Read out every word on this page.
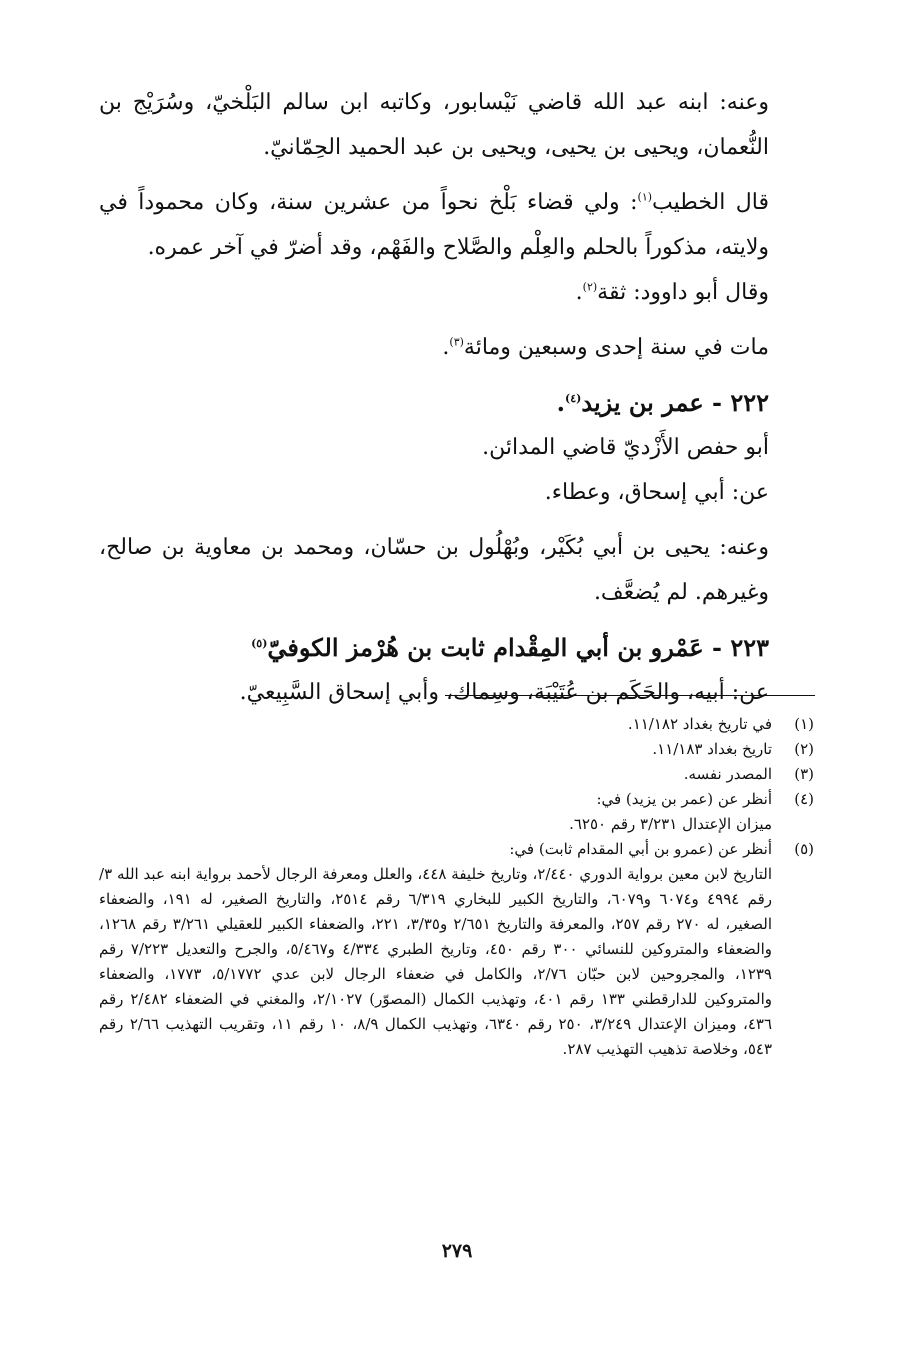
وعنه: ابنه عبد الله قاضي نَيْسابور، وكاتبه ابن سالم البَلْخيّ، وسُرَيْج بن النُّعمان، ويحيى بن يحيى، ويحيى بن عبد الحميد الحِمّانيّ.

قال الخطيب$^{(١)}$: ولي قضاء بَلْخ نحواً من عشرين سنة، وكان محموداً في ولايته، مذكوراً بالحلم والعِلْم والصَّلاح والفَهْم، وقد أضرّ في آخر عمره.

وقال أبو داوود: ثقة$^{(٢)}$.

مات في سنة إحدى وسبعين ومائة$^{(٣)}$.

٢٢٢ - عمر بن يزيد$^{(٤)}$.

أبو حفص الأَزْديّ قاضي المدائن.

عن: أبي إسحاق، وعطاء.

وعنه: يحيى بن أبي بُكَيْر، وبُهْلُول بن حسّان، ومحمد بن معاوية بن صالح، وغيرهم. لم يُضعَّف.

٢٢٣ - عَمْرو بن أبي المِقْدام ثابت بن هُرْمز الكوفيّ$^{(٥)}$

عن: أبيه، والحَكَم بن عُتَيْبَة، وسِماك، وأبي إسحاق السَّبِيعيّ.

(١)

في تاريخ بغداد ١١/١٨٢.

(٢)

تاريخ بغداد ١١/١٨٣.

(٣)

المصدر نفسه.

(٤)

أنظر عن (عمر بن يزيد) في:

ميزان الإعتدال ٣/٢٣١ رقم ٦٢٥٠.

(٥)

أنظر عن (عمرو بن أبي المقدام ثابت) في:

التاريخ لابن معين برواية الدوري ٢/٤٤٠، وتاريخ خليفة ٤٤٨، والعلل ومعرفة الرجال لأحمد برواية ابنه عبد الله ٣/ رقم ٤٩٩٤ و٦٠٧٤ و٦٠٧٩، والتاريخ الكبير للبخاري ٦/٣١٩ رقم ٢٥١٤، والتاريخ الصغير، له ١٩١، والضعفاء الصغير، له ٢٧٠ رقم ٢٥٧، والمعرفة والتاريخ ٢/٦٥١ و٣/٣٥، ٢٢١، والضعفاء الكبير للعقيلي ٣/٢٦١ رقم ١٢٦٨، والضعفاء والمتروكين للنسائي ٣٠٠ رقم ٤٥٠، وتاريخ الطبري ٤/٣٣٤ و٥/٤٦٧، والجرح والتعديل ٧/٢٢٣ رقم ١٢٣٩، والمجروحين لابن حبّان ٢/٧٦، والكامل في ضعفاء الرجال لابن عدي ٥/١٧٧٢، ١٧٧٣، والضعفاء والمتروكين للدارقطني ١٣٣ رقم ٤٠١، وتهذيب الكمال (المصوّر) ٢/١٠٢٧، والمغني في الضعفاء ٢/٤٨٢ رقم ٤٣٦، وميزان الإعتدال ٣/٢٤٩، ٢٥٠ رقم ٦٣٤٠، وتهذيب الكمال ٨/٩، ١٠ رقم ١١، وتقريب التهذيب ٢/٦٦ رقم ٥٤٣، وخلاصة تذهيب التهذيب ٢٨٧.

٢٧٩
